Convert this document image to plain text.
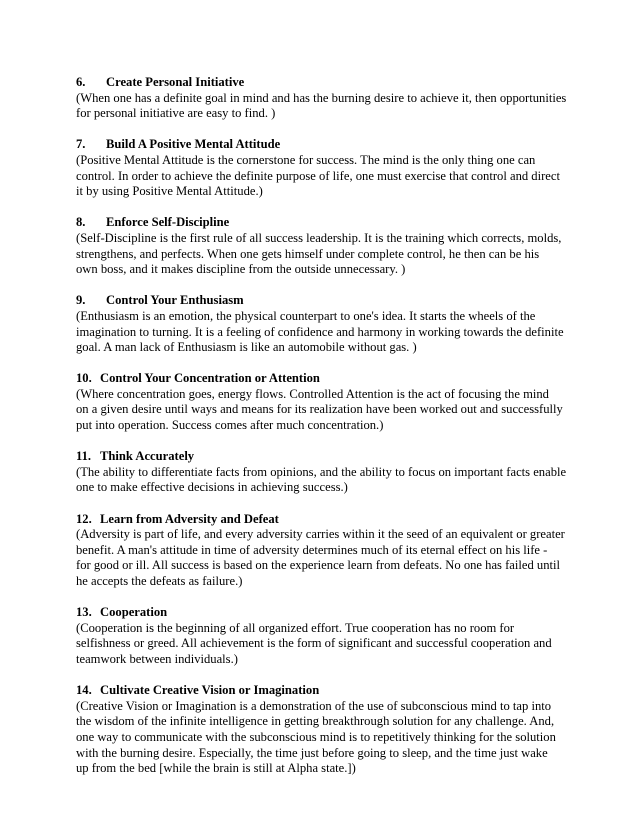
6.	Create Personal Initiative
(When one has a definite goal in mind and has the burning desire to achieve it, then opportunities
for personal initiative are easy to find. )
7.	Build A Positive Mental Attitude
(Positive Mental Attitude is the cornerstone for success. The mind is the only thing one can
control. In order to achieve the definite purpose of life, one must exercise that control and direct
it by using Positive Mental Attitude.)
8.	Enforce Self-Discipline
(Self-Discipline is the first rule of all success leadership. It is the training which corrects, molds,
strengthens, and perfects. When one gets himself under complete control, he then can be his
own boss, and it makes discipline from the outside unnecessary. )
9.	Control Your Enthusiasm
(Enthusiasm is an emotion, the physical counterpart to one's idea. It starts the wheels of the
imagination to turning. It is a feeling of confidence and harmony in working towards the definite
goal. A man lack of Enthusiasm is like an automobile without gas. )
10. Control Your Concentration or Attention
(Where concentration goes, energy flows. Controlled Attention is the act of focusing the mind
on a given desire until ways and means for its realization have been worked out and successfully
put into operation. Success comes after much concentration.)
11. Think Accurately
(The ability to differentiate facts from opinions, and the ability to focus on important facts enable
one to make effective decisions in achieving success.)
12. Learn from Adversity and Defeat
(Adversity is part of life, and every adversity carries within it the seed of an equivalent or greater
benefit. A man's attitude in time of adversity determines much of its eternal effect on his life -
for good or ill. All success is based on the experience learn from defeats. No one has failed until
he accepts the defeats as failure.)
13. Cooperation
(Cooperation is the beginning of all organized effort. True cooperation has no room for
selfishness or greed. All achievement is the form of significant and successful cooperation and
teamwork between individuals.)
14. Cultivate Creative Vision or Imagination
(Creative Vision or Imagination is a demonstration of the use of subconscious mind to tap into
the wisdom of the infinite intelligence in getting breakthrough solution for any challenge. And,
one way to communicate with the subconscious mind is to repetitively thinking for the solution
with the burning desire. Especially, the time just before going to sleep, and the time just wake
up from the bed [while the brain is still at Alpha state.])
